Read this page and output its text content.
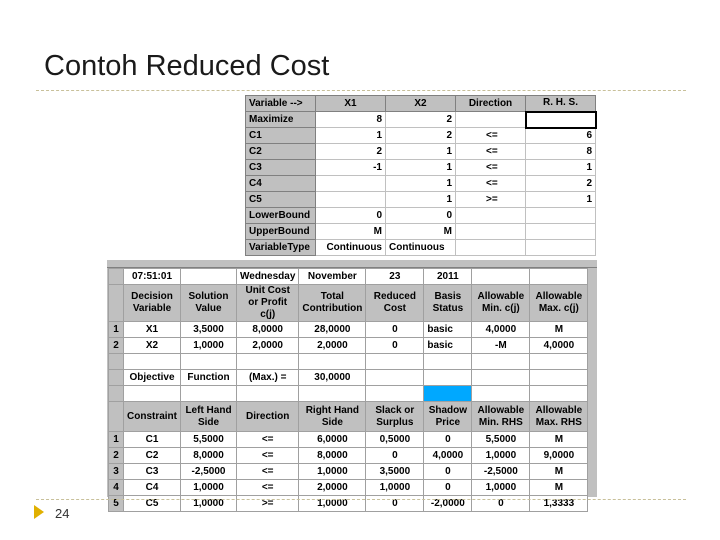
Contoh Reduced Cost
Variable -->	X1	X2	Direction	R. H. S.
Maximize	8	2		
C1	1	2	<=	6
C2	2	1	<=	8
C3	-1	1	<=	1
C4		1	<=	2
C5		1	>=	1
LowerBound	0	0		
UpperBound	M	M		
VariableType	Continuous	Continuous		
	07:51:01		Wednesday	November	23	2011		
	Decision Variable	Solution Value	Unit Cost or Profit c(j)	Total Contribution	Reduced Cost	Basis Status	Allowable Min. c(j)	Allowable Max. c(j)
1	X1	3,5000	8,0000	28,0000	0	basic	4,0000	M
2	X2	1,0000	2,0000	2,0000	0	basic	-M	4,0000

	Objective	Function	(Max.) =	30,0000				

	Constraint	Left Hand Side	Direction	Right Hand Side	Slack or Surplus	Shadow Price	Allowable Min. RHS	Allowable Max. RHS
1	C1	5,5000	<=	6,0000	0,5000	0	5,5000	M
2	C2	8,0000	<=	8,0000	0	4,0000	1,0000	9,0000
3	C3	-2,5000	<=	1,0000	3,5000	0	-2,5000	M
4	C4	1,0000	<=	2,0000	1,0000	0	1,0000	M
5	C5	1,0000	>=	1,0000	0	-2,0000	0	1,3333
24
